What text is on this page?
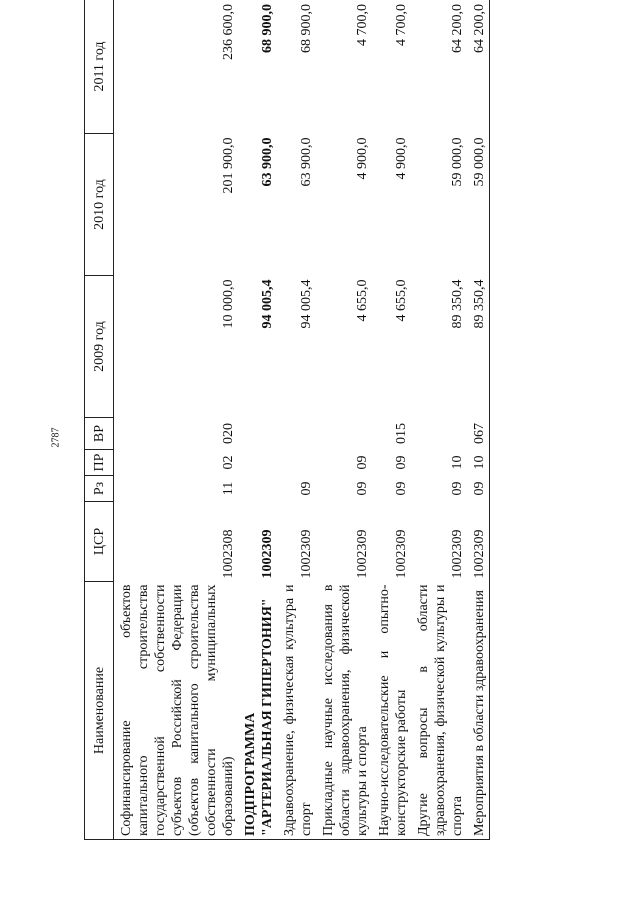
2787
Наименование	ЦСР	Рз	ПР	ВР	2009 год	2010 год	2011 год
Софинансирование объектов капитального строительства государственной собственности субъектов Российской Федерации (объектов капитального строительства собственности муниципальных образований)	1002308	11	02	020	10 000,0	201 900,0	236 600,0
ПОДПРОГРАММА "АРТЕРИАЛЬНАЯ ГИПЕРТОНИЯ"	1002309				94 005,4	63 900,0	68 900,0
Здравоохранение, физическая культура и спорт	1002309	09			94 005,4	63 900,0	68 900,0
Прикладные научные исследования в области здравоохранения, физической культуры и спорта	1002309	09	09		4 655,0	4 900,0	4 700,0
Научно-исследовательские и опытно-конструкторские работы	1002309	09	09	015	4 655,0	4 900,0	4 700,0
Другие вопросы в области здравоохранения, физической культуры и спорта	1002309	09	10		89 350,4	59 000,0	64 200,0
Мероприятия в области здравоохранения	1002309	09	10	067	89 350,4	59 000,0	64 200,0
